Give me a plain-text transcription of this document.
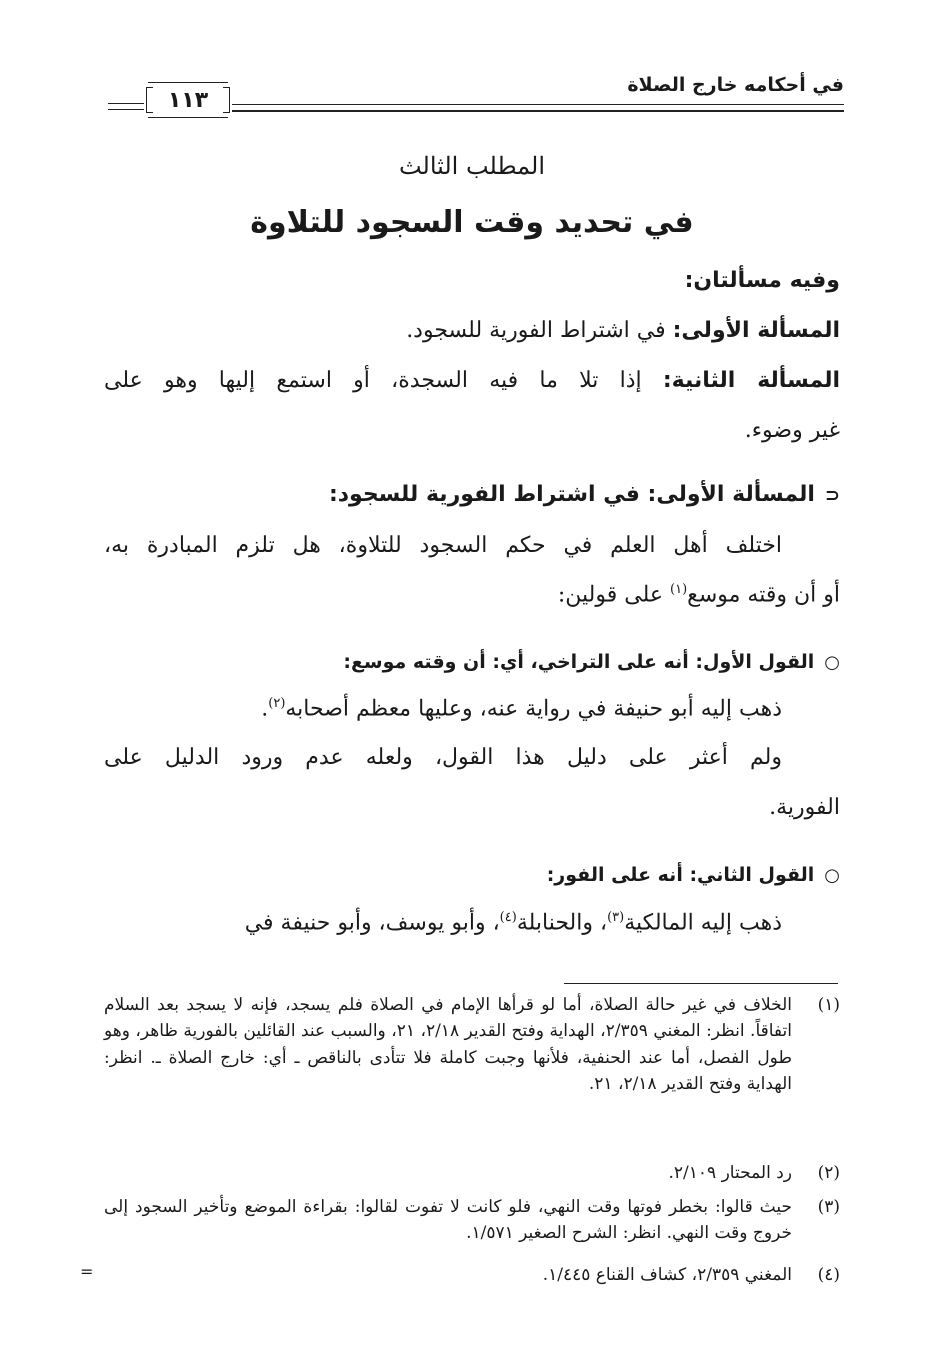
في أحكامه خارج الصلاة
١١٣
المطلب الثالث
في تحديد وقت السجود للتلاوة
وفيه مسألتان:
المسألة الأولى: في اشتراط الفورية للسجود.
المسألة الثانية: إذا تلا ما فيه السجدة، أو استمع إليها وهو على
غير وضوء.
⊂المسألة الأولى: في اشتراط الفورية للسجود:
اختلف أهل العلم في حكم السجود للتلاوة، هل تلزم المبادرة به،
أو أن وقته موسع$^{(١)}$ على قولين:
○القول الأول: أنه على التراخي، أي: أن وقته موسع:
ذهب إليه أبو حنيفة في رواية عنه، وعليها معظم أصحابه$^{(٢)}$.
ولم أعثر على دليل هذا القول، ولعله عدم ورود الدليل على
الفورية.
○القول الثاني: أنه على الفور:
ذهب إليه المالكية$^{(٣)}$، والحنابلة$^{(٤)}$، وأبو يوسف، وأبو حنيفة في
(١)
الخلاف في غير حالة الصلاة، أما لو قرأها الإمام في الصلاة فلم يسجد، فإنه لا يسجد بعد السلام اتفاقاً. انظر: المغني ٢/٣٥٩، الهداية وفتح القدير ٢/١٨، ٢١، والسبب عند القائلين بالفورية ظاهر، وهو طول الفصل، أما عند الحنفية، فلأنها وجبت كاملة فلا تتأدى بالناقص ـ أي: خارج الصلاة ـ. انظر: الهداية وفتح القدير ٢/١٨، ٢١.
(٢)
رد المحتار ٢/١٠٩.
(٣)
حيث قالوا: بخطر فوتها وقت النهي، فلو كانت لا تفوت لقالوا: بقراءة الموضع وتأخير السجود إلى خروج وقت النهي. انظر: الشرح الصغير ١/٥٧١.
(٤)
المغني ٢/٣٥٩، كشاف القناع ١/٤٤٥.
=
